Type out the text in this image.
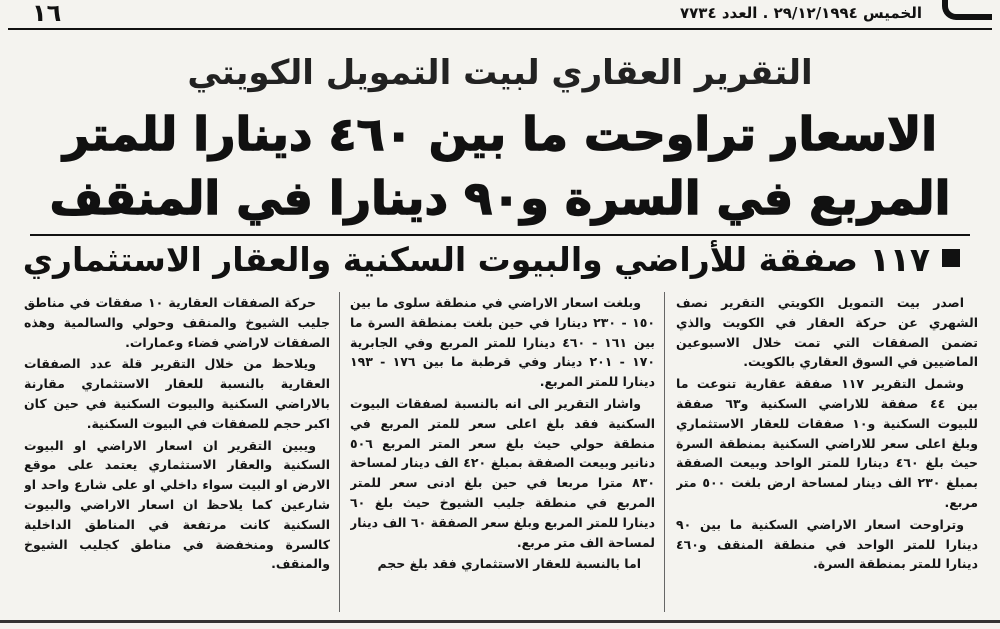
الخميس ٢٩/١٢/١٩٩٤ . العدد ٧٧٣٤
١٦
التقرير العقاري لبيت التمويل الكويتي
الاسعار تراوحت ما بين ٤٦٠ دينارا للمتر
المربع في السرة و٩٠ دينارا في المنقف
١١٧ صفقة للأراضي والبيوت السكنية والعقار الاستثماري

اصدر بيت التمويل الكويتي التقرير نصف الشهري عن حركة العقار في الكويت والذي تضمن الصفقات التي تمت خلال الاسبوعين الماضيين في السوق العقاري بالكويت.

وشمل التقرير ١١٧ صفقة عقارية تنوعت ما بين ٤٤ صفقة للاراضي السكنية و٦٣ صفقة للبيوت السكنية و١٠ صفقات للعقار الاستثماري وبلغ اعلى سعر للاراضي السكنية بمنطقة السرة حيث بلغ ٤٦٠ دينارا للمتر الواحد وبيعت الصفقة بمبلغ ٢٣٠ الف دينار لمساحة ارض بلغت ٥٠٠ متر مربع.

وتراوحت اسعار الاراضي السكنية ما بين ٩٠ دينارا للمتر الواحد في منطقة المنقف و٤٦٠ دينارا للمتر بمنطقة السرة.

وبلغت اسعار الاراضي في منطقة سلوى ما بين ١٥٠ - ٢٣٠ دينارا في حين بلغت بمنطقة السرة ما بين ١٦١ - ٤٦٠ دينارا للمتر المربع وفي الجابرية ١٧٠ - ٢٠١ دينار وفي قرطبة ما بين ١٧٦ - ١٩٣ دينارا للمتر المربع.

واشار التقرير الى انه بالنسبة لصفقات البيوت السكنية فقد بلغ اعلى سعر للمتر المربع في منطقة حولي حيث بلغ سعر المتر المربع ٥٠٦ دنانير وبيعت الصفقة بمبلغ ٤٢٠ الف دينار لمساحة ٨٣٠ مترا مربعا في حين بلغ ادنى سعر للمتر المربع في منطقة جليب الشيوخ حيث بلغ ٦٠ دينارا للمتر المربع وبلغ سعر الصفقة ٦٠ الف دينار لمساحة الف متر مربع.

اما بالنسبة للعقار الاستثماري فقد بلغ حجم

حركة الصفقات العقارية ١٠ صفقات في مناطق جليب الشيوخ والمنقف وحولي والسالمية وهذه الصفقات لاراضي فضاء وعمارات.

ويلاحظ من خلال التقرير قلة عدد الصفقات العقارية بالنسبة للعقار الاستثماري مقارنة بالاراضي السكنية والبيوت السكنية في حين كان اكبر حجم للصفقات في البيوت السكنية.

ويبين التقرير ان اسعار الاراضي او البيوت السكنية والعقار الاستثماري يعتمد على موقع الارض او البيت سواء داخلي او على شارع واحد او شارعين كما يلاحظ ان اسعار الاراضي والبيوت السكنية كانت مرتفعة في المناطق الداخلية كالسرة ومنخفضة في مناطق كجليب الشيوخ والمنقف.
